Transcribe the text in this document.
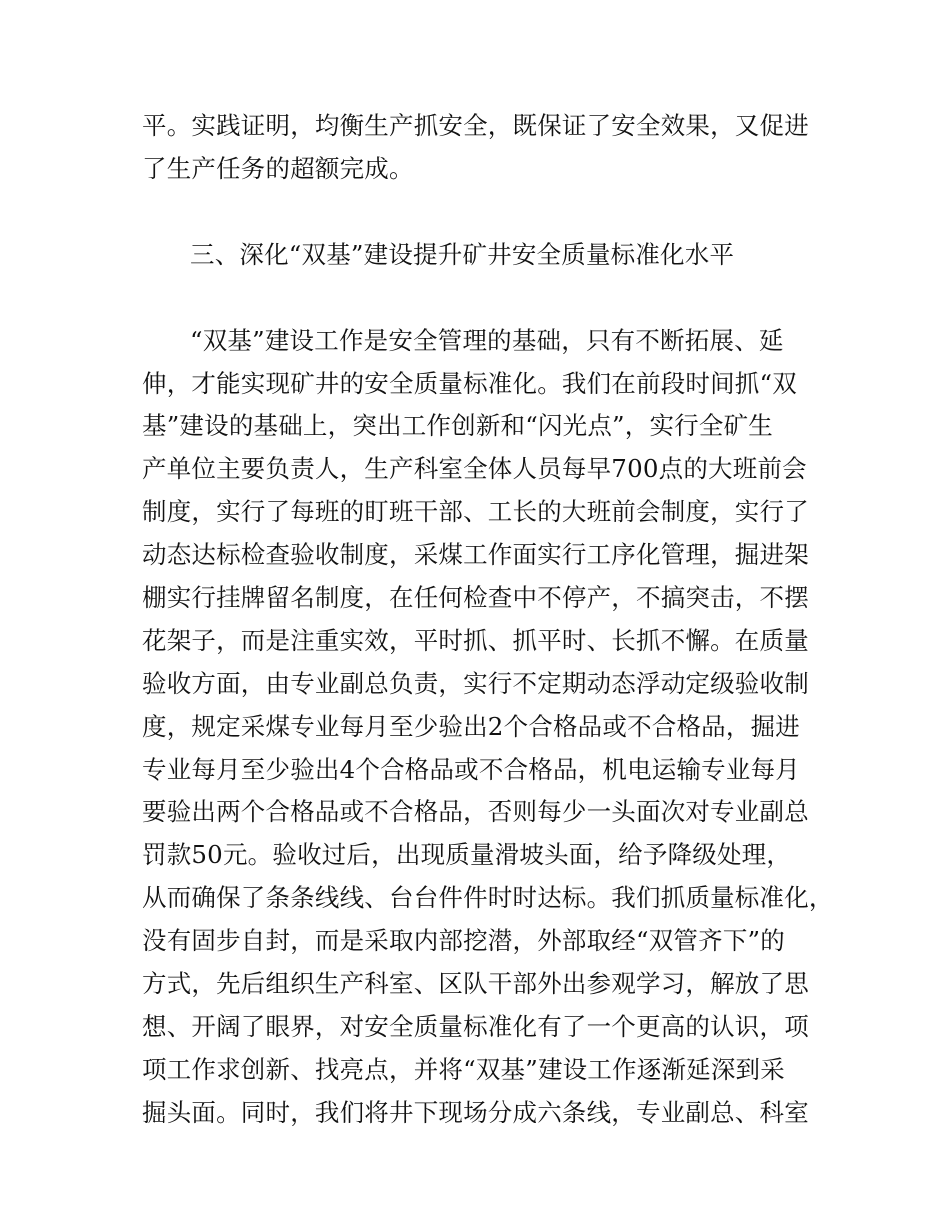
平。实践证明，均衡生产抓安全，既保证了安全效果，又促进
了生产任务的超额完成。
三、深化“双基”建设提升矿井安全质量标准化水平
“双基”建设工作是安全管理的基础，只有不断拓展、延
伸，才能实现矿井的安全质量标准化。我们在前段时间抓“双
基”建设的基础上，突出工作创新和“闪光点”，实行全矿生
产单位主要负责人，生产科室全体人员每早700点的大班前会
制度，实行了每班的盯班干部、工长的大班前会制度，实行了
动态达标检查验收制度，采煤工作面实行工序化管理，掘进架
棚实行挂牌留名制度，在任何检查中不停产，不搞突击，不摆
花架子，而是注重实效，平时抓、抓平时、长抓不懈。在质量
验收方面，由专业副总负责，实行不定期动态浮动定级验收制
度，规定采煤专业每月至少验出2个合格品或不合格品，掘进
专业每月至少验出4个合格品或不合格品，机电运输专业每月
要验出两个合格品或不合格品，否则每少一头面次对专业副总
罚款50元。验收过后，出现质量滑坡头面，给予降级处理，
从而确保了条条线线、台台件件时时达标。我们抓质量标准化，
没有固步自封，而是采取内部挖潜，外部取经“双管齐下”的
方式，先后组织生产科室、区队干部外出参观学习，解放了思
想、开阔了眼界，对安全质量标准化有了一个更高的认识，项
项工作求创新、找亮点，并将“双基”建设工作逐渐延深到采
掘头面。同时，我们将井下现场分成六条线，专业副总、科室
